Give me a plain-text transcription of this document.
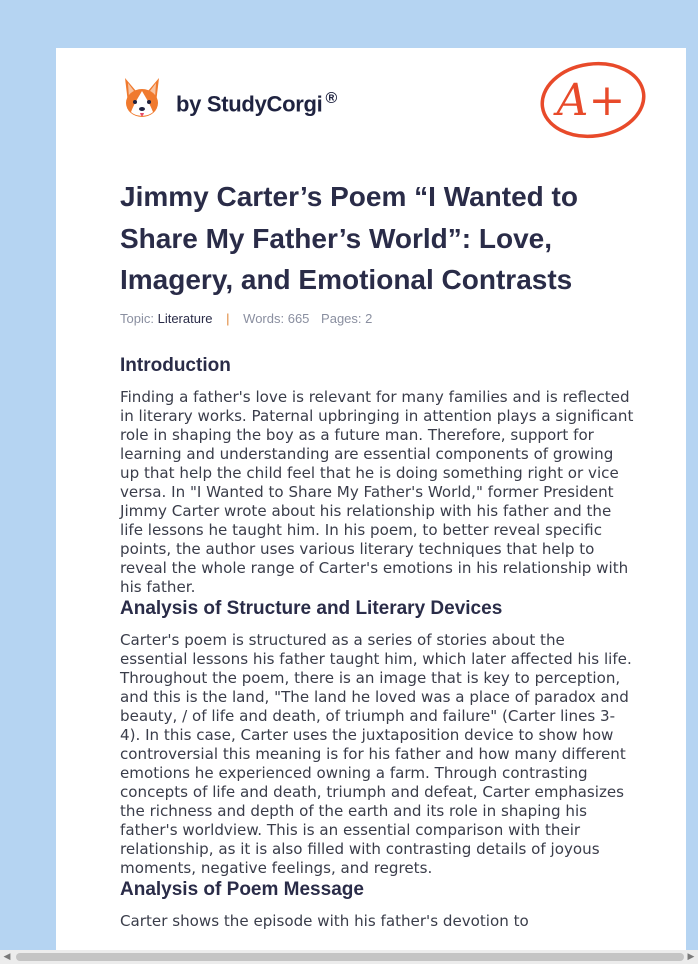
by StudyCorgi ®	A+
Jimmy Carter’s Poem “I Wanted to Share My Father’s World”: Love, Imagery, and Emotional Contrasts
Topic: Literature | Words: 665 Pages: 2
Introduction

Finding a father's love is relevant for many families and is reflected in literary works. Paternal upbringing in attention plays a significant role in shaping the boy as a future man. Therefore, support for learning and understanding are essential components of growing up that help the child feel that he is doing something right or vice versa. In "I Wanted to Share My Father's World," former President Jimmy Carter wrote about his relationship with his father and the life lessons he taught him. In his poem, to better reveal specific points, the author uses various literary techniques that help to reveal the whole range of Carter's emotions in his relationship with his father.

Analysis of Structure and Literary Devices

Carter's poem is structured as a series of stories about the essential lessons his father taught him, which later affected his life. Throughout the poem, there is an image that is key to perception, and this is the land, "The land he loved was a place of paradox and beauty, / of life and death, of triumph and failure" (Carter lines 3-4). In this case, Carter uses the juxtaposition device to show how controversial this meaning is for his father and how many different emotions he experienced owning a farm. Through contrasting concepts of life and death, triumph and defeat, Carter emphasizes the richness and depth of the earth and its role in shaping his father's worldview. This is an essential comparison with their relationship, as it is also filled with contrasting details of joyous moments, negative feelings, and regrets.

Analysis of Poem Message

Carter shows the episode with his father's devotion to

◀	▶
